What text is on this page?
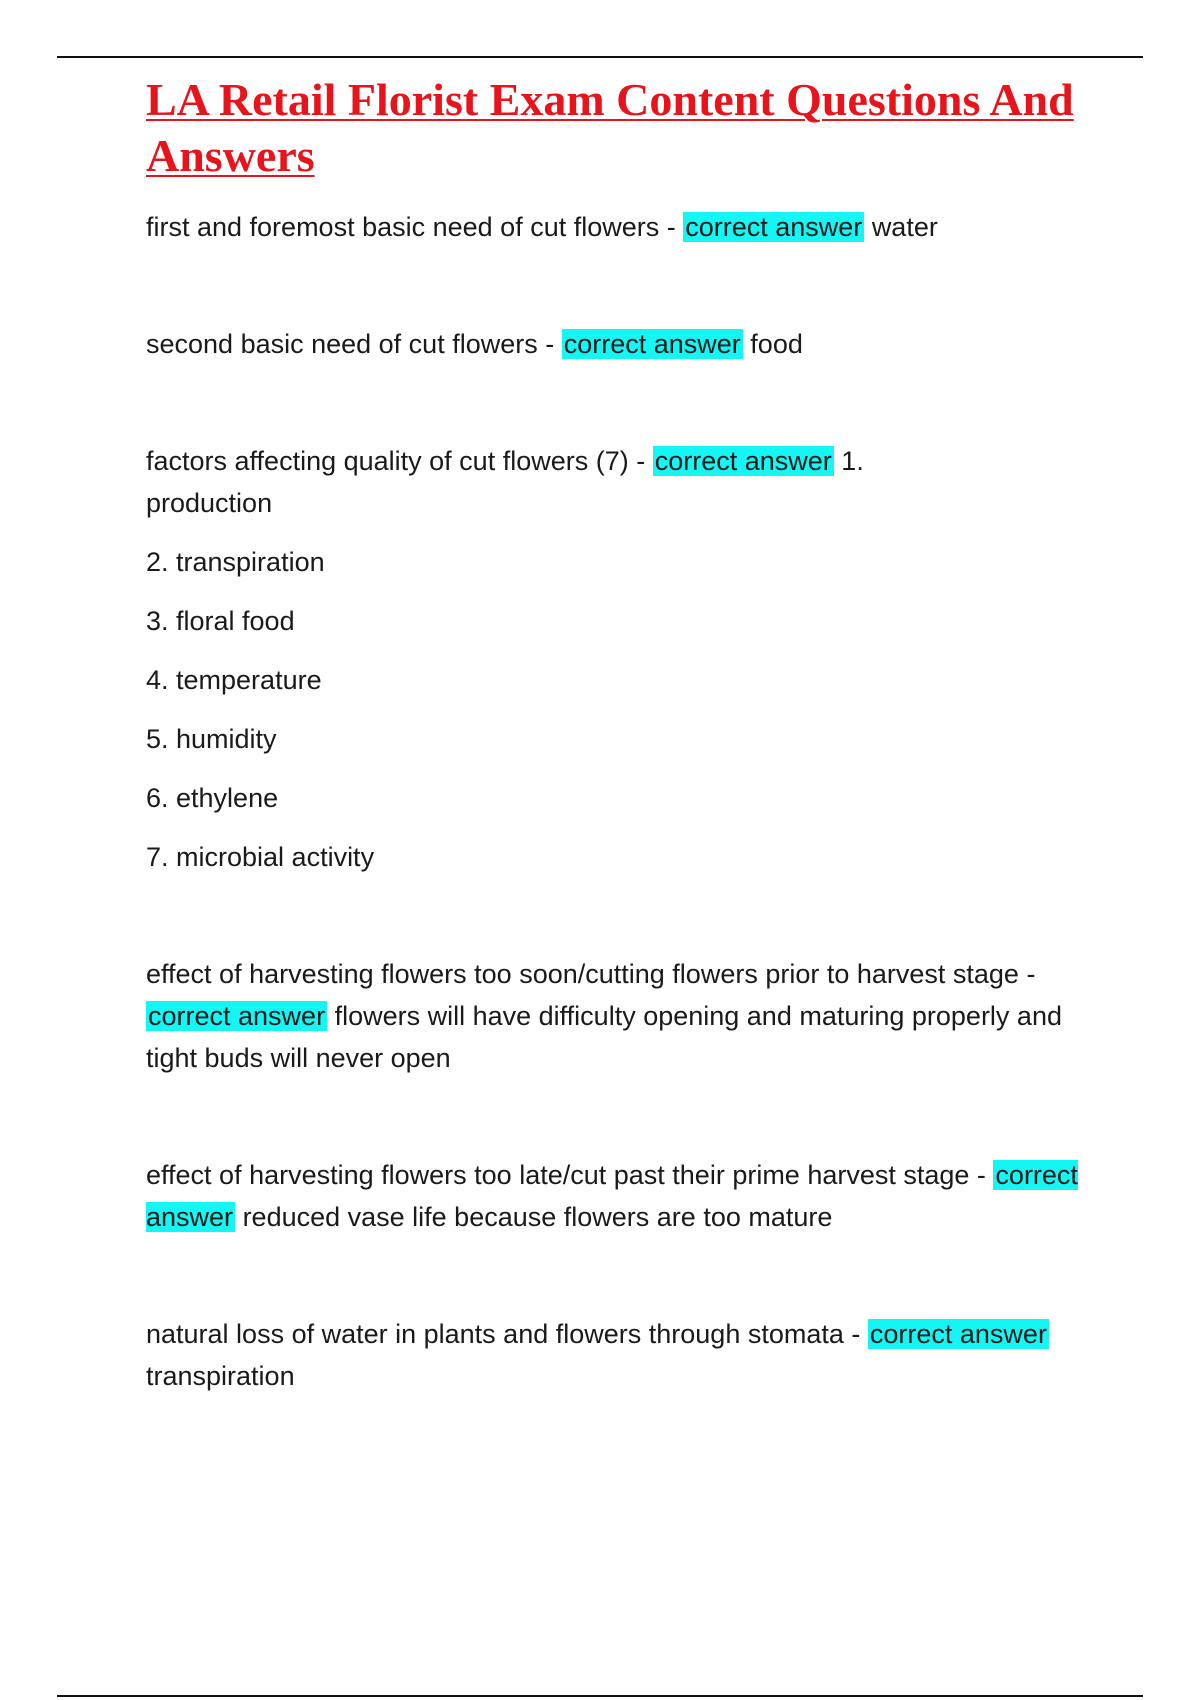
LA Retail Florist Exam Content Questions And Answers

first and foremost basic need of cut flowers - correct answer water

second basic need of cut flowers - correct answer food

factors affecting quality of cut flowers (7) - correct answer 1. production

2. transpiration

3. floral food

4. temperature

5. humidity

6. ethylene

7. microbial activity

effect of harvesting flowers too soon/cutting flowers prior to harvest stage - correct answer flowers will have difficulty opening and maturing properly and tight buds will never open

effect of harvesting flowers too late/cut past their prime harvest stage - correct answer reduced vase life because flowers are too mature

natural loss of water in plants and flowers through stomata - correct answer transpiration
